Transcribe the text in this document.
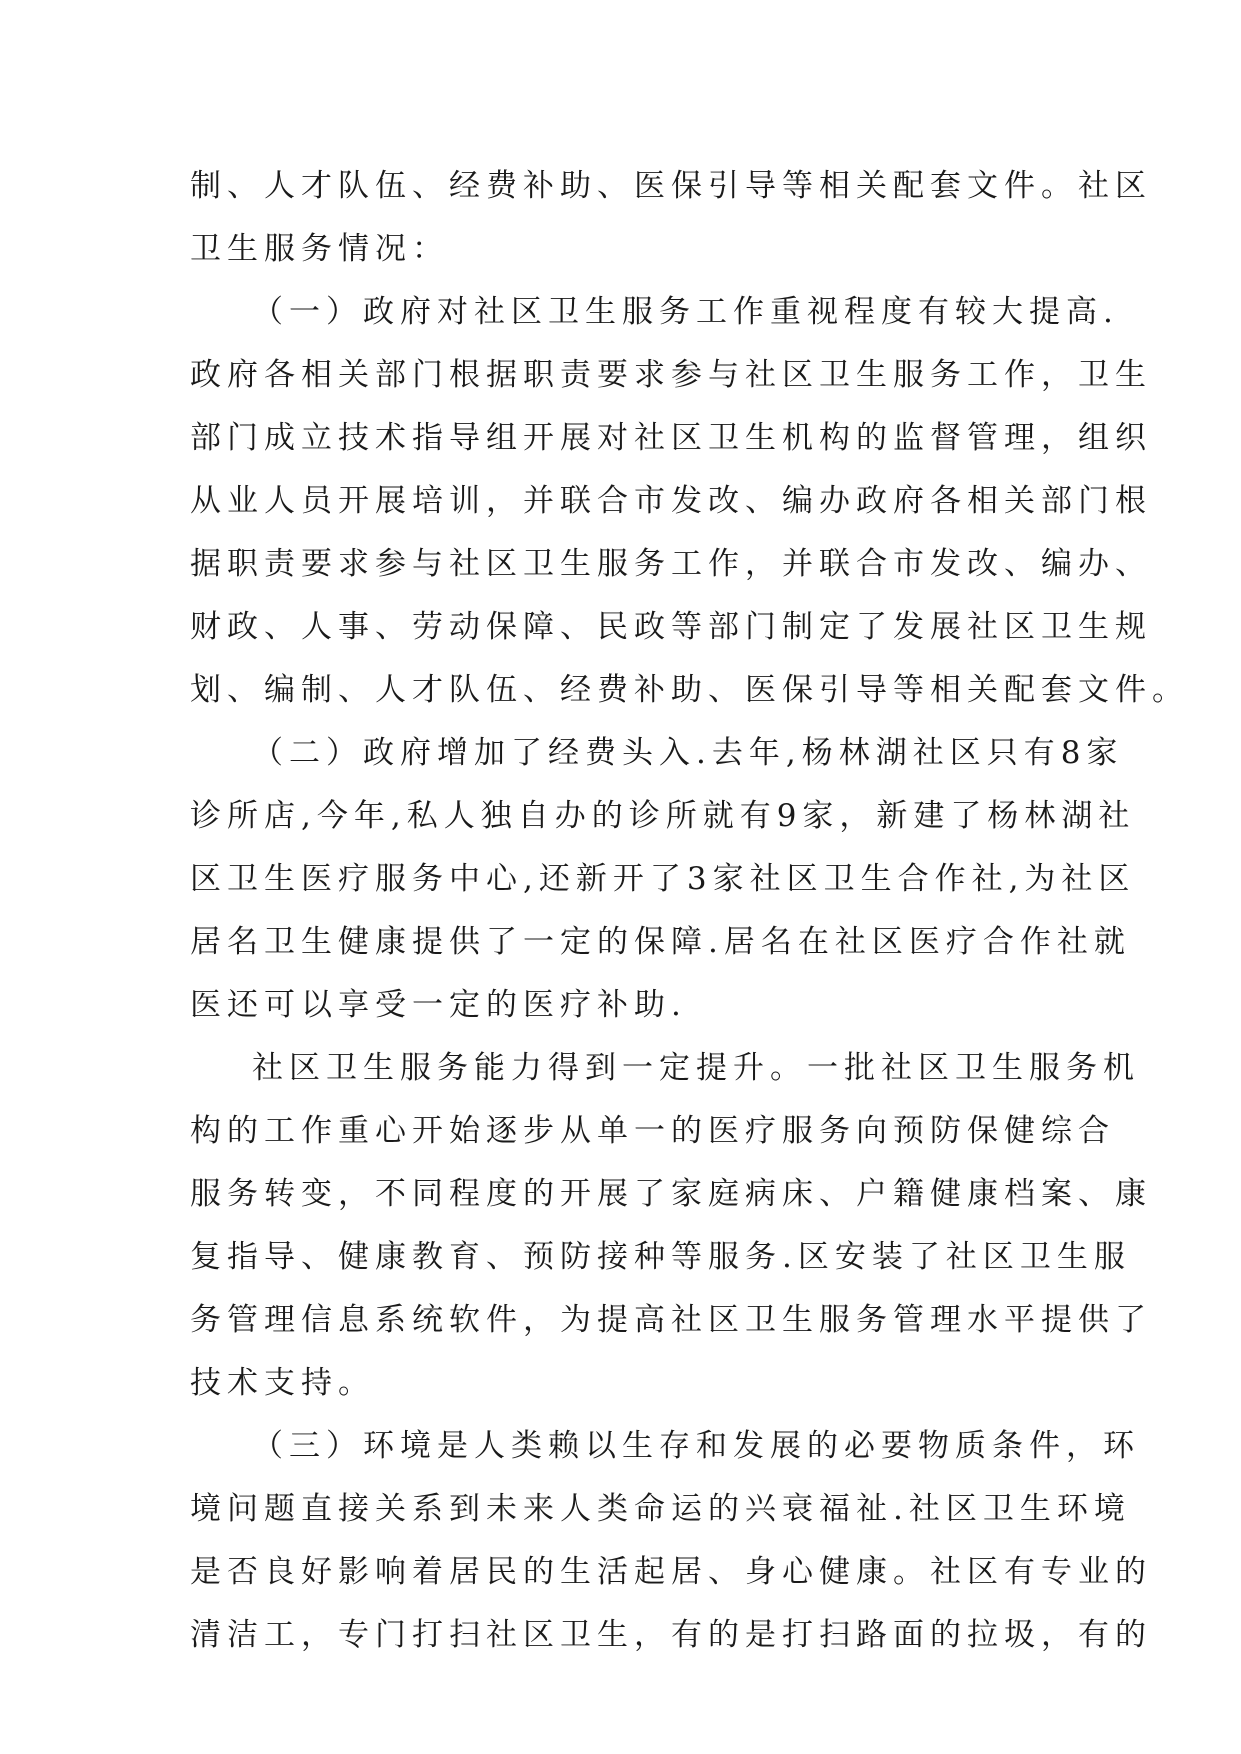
制、人才队伍、经费补助、医保引导等相关配套文件。社区
卫生服务情况：
（一）政府对社区卫生服务工作重视程度有较大提高.
政府各相关部门根据职责要求参与社区卫生服务工作，卫生
部门成立技术指导组开展对社区卫生机构的监督管理，组织
从业人员开展培训，并联合市发改、编办政府各相关部门根
据职责要求参与社区卫生服务工作，并联合市发改、编办、
财政、人事、劳动保障、民政等部门制定了发展社区卫生规
划、编制、人才队伍、经费补助、医保引导等相关配套文件。
（二）政府增加了经费头入.去年,杨林湖社区只有8家
诊所店,今年,私人独自办的诊所就有9家，新建了杨林湖社
区卫生医疗服务中心,还新开了3家社区卫生合作社,为社区
居名卫生健康提供了一定的保障.居名在社区医疗合作社就
医还可以享受一定的医疗补助.
社区卫生服务能力得到一定提升。一批社区卫生服务机
构的工作重心开始逐步从单一的医疗服务向预防保健综合
服务转变，不同程度的开展了家庭病床、户籍健康档案、康
复指导、健康教育、预防接种等服务.区安装了社区卫生服
务管理信息系统软件，为提高社区卫生服务管理水平提供了
技术支持。
（三）环境是人类赖以生存和发展的必要物质条件，环
境问题直接关系到未来人类命运的兴衰福祉.社区卫生环境
是否良好影响着居民的生活起居、身心健康。社区有专业的
清洁工，专门打扫社区卫生，有的是打扫路面的拉圾，有的
